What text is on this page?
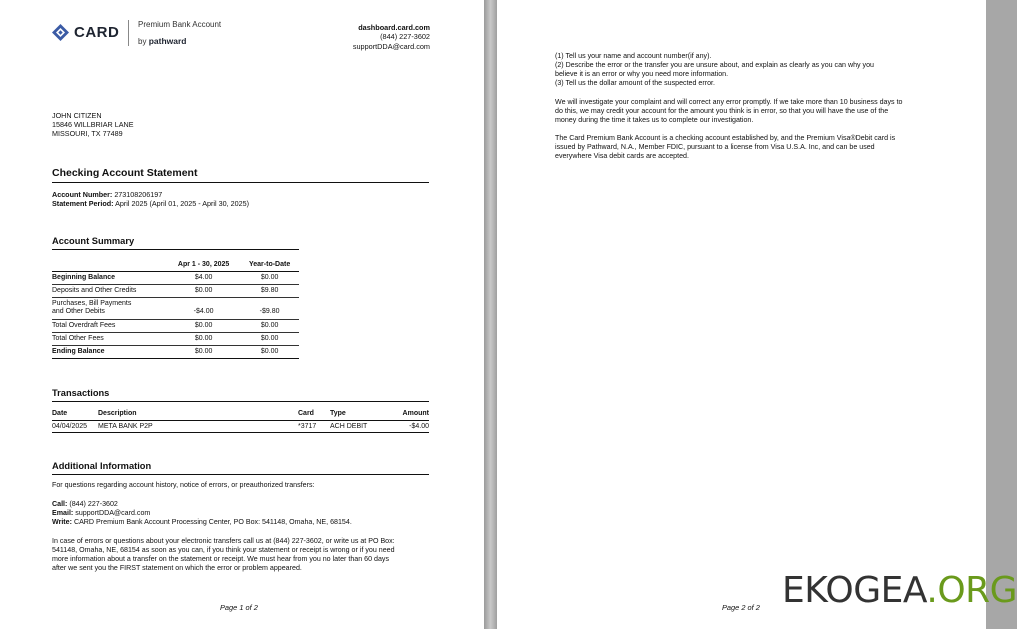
CARD Premium Bank Account
by pathward
dashboard.card.com
(844) 227-3602
supportDDA@card.com
JOHN CITIZEN
15846 WILLBRIAR LANE
MISSOURI, TX 77489
Checking Account Statement
Account Number: 273108206197
Statement Period: April 2025 (April 01, 2025 - April 30, 2025)
Account Summary
	Apr 1 - 30, 2025	Year-to-Date
Beginning Balance	$4.00	$0.00
Deposits and Other Credits	$0.00	$9.80

Purchases, Bill Payments
and Other Debits	-$4.00	-$9.80
Total Overdraft Fees	$0.00	$0.00
Total Other Fees	$0.00	$0.00
Ending Balance	$0.00	$0.00
Transactions
Date	Description	Card	Type	Amount
04/04/2025	META BANK P2P	*3717	ACH DEBIT	-$4.00
Additional Information
For questions regarding account history, notice of errors, or preauthorized transfers:
Call: (844) 227-3602
Email: supportDDA@card.com
Write: CARD Premium Bank Account Processing Center, PO Box: 541148, Omaha, NE, 68154.
In case of errors or questions about your electronic transfers call us at (844) 227-3602, or write us at PO Box:
541148, Omaha, NE, 68154 as soon as you can, if you think your statement or receipt is wrong or if you need
more information about a transfer on the statement or receipt. We must hear from you no later than 60 days
after we sent you the FIRST statement on which the error or problem appeared.
Page 1 of 2
(1) Tell us your name and account number(if any).
(2) Describe the error or the transfer you are unsure about, and explain as clearly as you can why you
believe it is an error or why you need more information.
(3) Tell us the dollar amount of the suspected error.
We will investigate your complaint and will correct any error promptly. If we take more than 10 business days to
do this, we may credit your account for the amount you think is in error, so that you will have the use of the
money during the time it takes us to complete our investigation.
The Card Premium Bank Account is a checking account established by, and the Premium Visa®Debit card is
issued by Pathward, N.A., Member FDIC, pursuant to a license from Visa U.S.A. Inc, and can be used
everywhere Visa debit cards are accepted.
Page 2 of 2 EKOGEA.ORG
